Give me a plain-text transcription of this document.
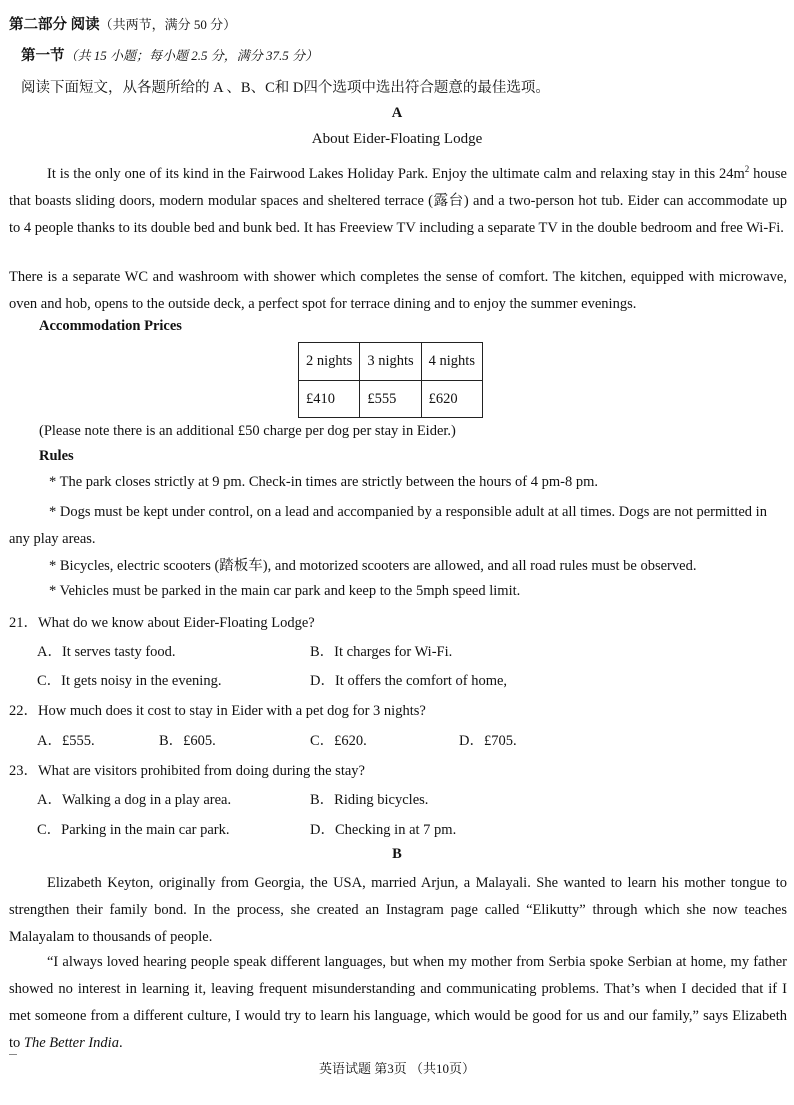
第二部分 阅读（共两节，满分 50 分）
第一节（共 15 小题；每小题 2.5 分，满分 37.5 分）
阅读下面短文，从各题所给的 A 、B、C和 D四个选项中选出符合题意的最佳选项。
A
About Eider-Floating Lodge
It is the only one of its kind in the Fairwood Lakes Holiday Park. Enjoy the ultimate calm and relaxing stay in this $24m^2$ house that boasts sliding doors, modern modular spaces and sheltered terrace (露台) and a two-person hot tub. Eider can accommodate up to 4 people thanks to its double bed and bunk bed. It has Freeview TV including a separate TV in the double bedroom and free Wi-Fi.
There is a separate WC and washroom with shower which completes the sense of comfort. The kitchen, equipped with microwave, oven and hob, opens to the outside deck, a perfect spot for terrace dining and to enjoy the summer evenings.
Accommodation Prices
2 nights	3 nights	4 nights
£410	£555	£620
(Please note there is an additional £50 charge per dog per stay in Eider.)
Rules
* The park closes strictly at 9 pm. Check-in times are strictly between the hours of 4 pm-8 pm.
* Dogs must be kept under control, on a lead and accompanied by a responsible adult at all times. Dogs are not permitted in any play areas.
* Bicycles, electric scooters (踏板车), and motorized scooters are allowed, and all road rules must be observed.
* Vehicles must be parked in the main car park and keep to the 5mph speed limit.
21．What do we know about Eider-Floating Lodge?
A．It serves tasty food.	B．It charges for Wi-Fi.
C．It gets noisy in the evening.	D．It offers the comfort of home,
22．How much does it cost to stay in Eider with a pet dog for 3 nights?
A．£555.	B．£605.	C．£620.	D．£705.
23．What are visitors prohibited from doing during the stay?
A．Walking a dog in a play area.	B．Riding bicycles.
C．Parking in the main car park.	D．Checking in at 7 pm.
B
Elizabeth Keyton, originally from Georgia, the USA, married Arjun, a Malayali. She wanted to learn his mother tongue to strengthen their family bond. In the process, she created an Instagram page called “Elikutty” through which she now teaches Malayalam to thousands of people.
“I always loved hearing people speak different languages, but when my mother from Serbia spoke Serbian at home, my father showed no interest in learning it, leaving frequent misunderstanding and communicating problems. That’s when I decided that if I met someone from a different culture, I would try to learn his language, which would be good for us and our family,” says Elizabeth to The Better India.
英语试题 第3页 （共10页）
